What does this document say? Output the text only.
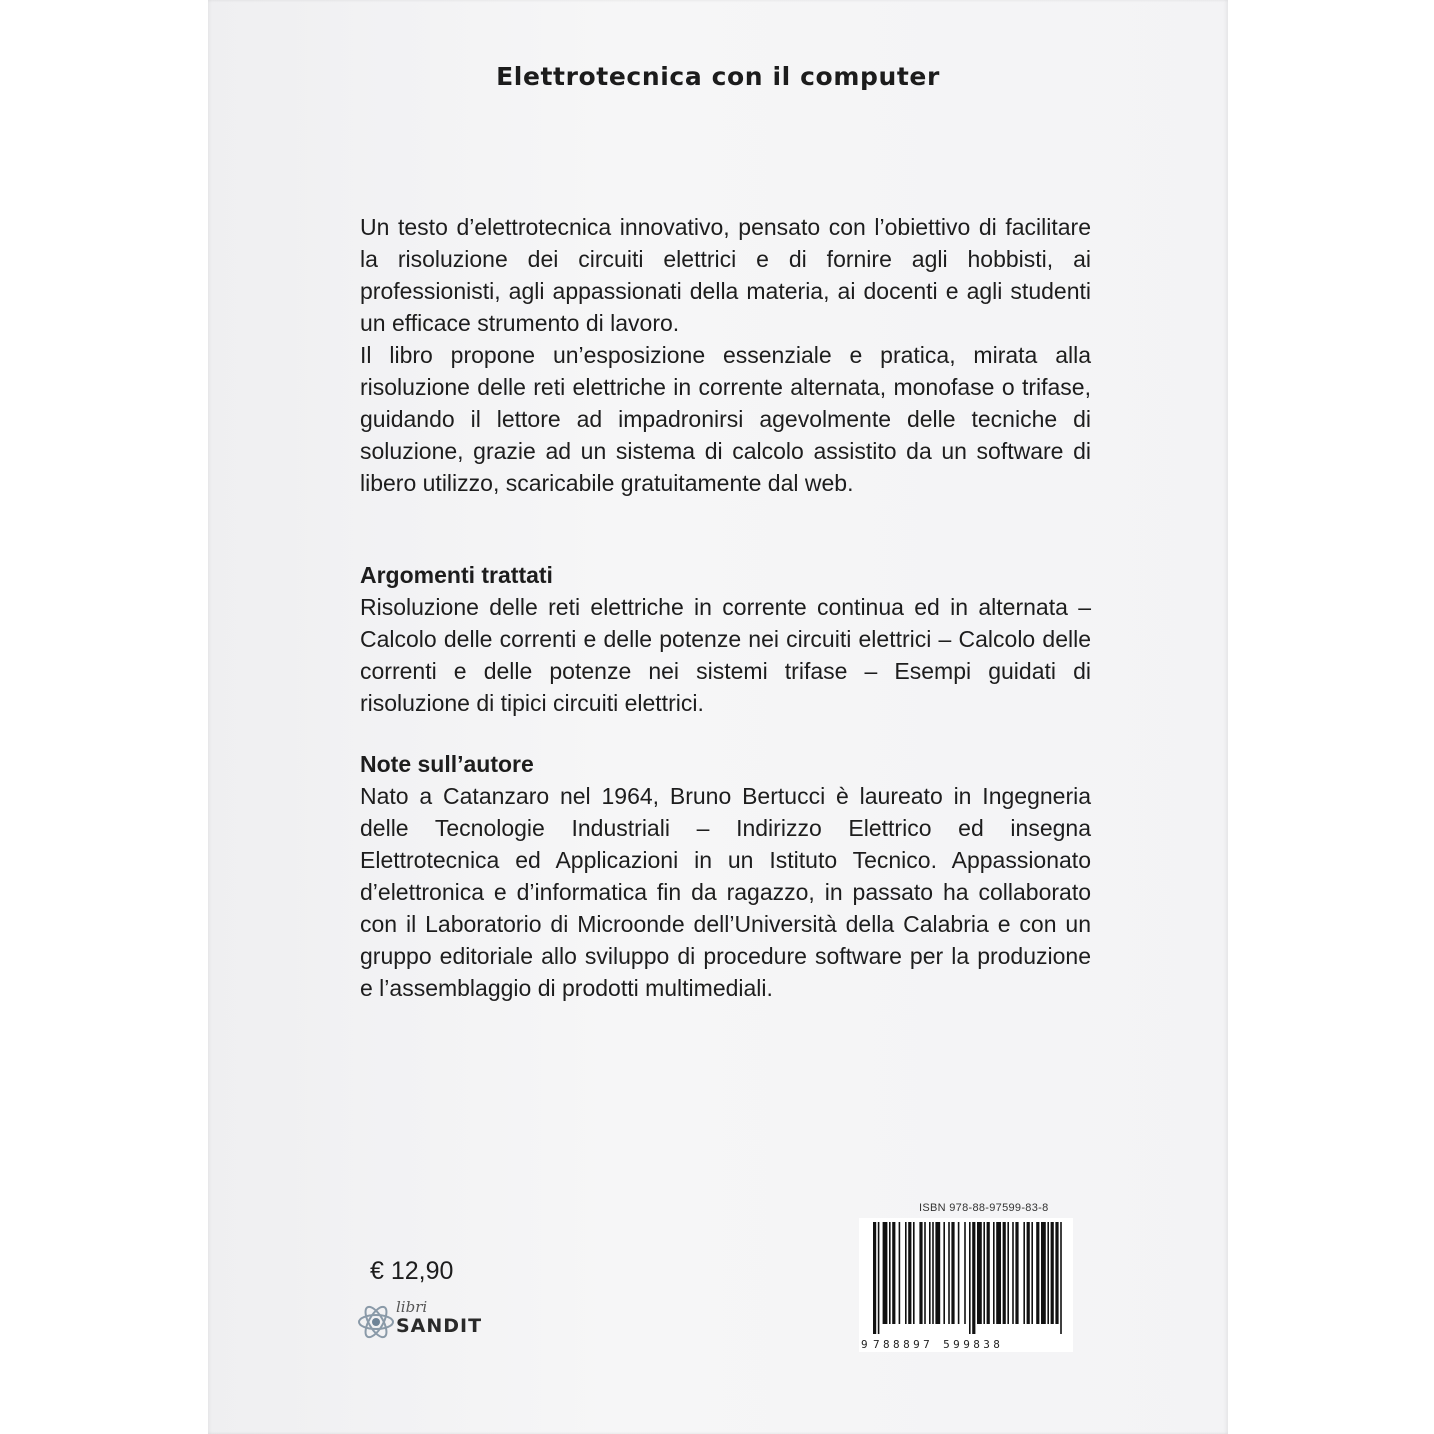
Elettrotecnica con il computer

Un testo d’elettrotecnica innovativo, pensato con l’obiettivo di facilitare la risoluzione dei circuiti elettrici e di fornire agli hobbisti, ai professionisti, agli appassionati della materia, ai docenti e agli studenti un efficace strumento di lavoro.

Il libro propone un’esposizione essenziale e pratica, mirata alla risoluzione delle reti elettriche in corrente alternata, monofase o trifase, guidando il lettore ad impadronirsi agevolmente delle tecniche di soluzione, grazie ad un sistema di calcolo assistito da un software di libero utilizzo, scaricabile gratuitamente dal web.

Argomenti trattati

Risoluzione delle reti elettriche in corrente continua ed in alternata – Calcolo delle correnti e delle potenze nei circuiti elettrici – Calcolo delle correnti e delle potenze nei sistemi trifase – Esempi guidati di risoluzione di tipici circuiti elettrici.

Note sull’autore

Nato a Catanzaro nel 1964, Bruno Bertucci è laureato in Ingegneria delle Tecnologie Industriali – Indirizzo Elettrico ed insegna Elettrotecnica ed Applicazioni in un Istituto Tecnico. Appassionato d’elettronica e d’informatica fin da ragazzo, in passato ha collaborato con il Laboratorio di Microonde dell’Università della Calabria e con un gruppo editoriale allo sviluppo di procedure software per la produzione e l’assemblaggio di prodotti multimediali.

€ 12,90
libri
SANDIT
ISBN 978-88-97599-83-8
9 788897 599838
